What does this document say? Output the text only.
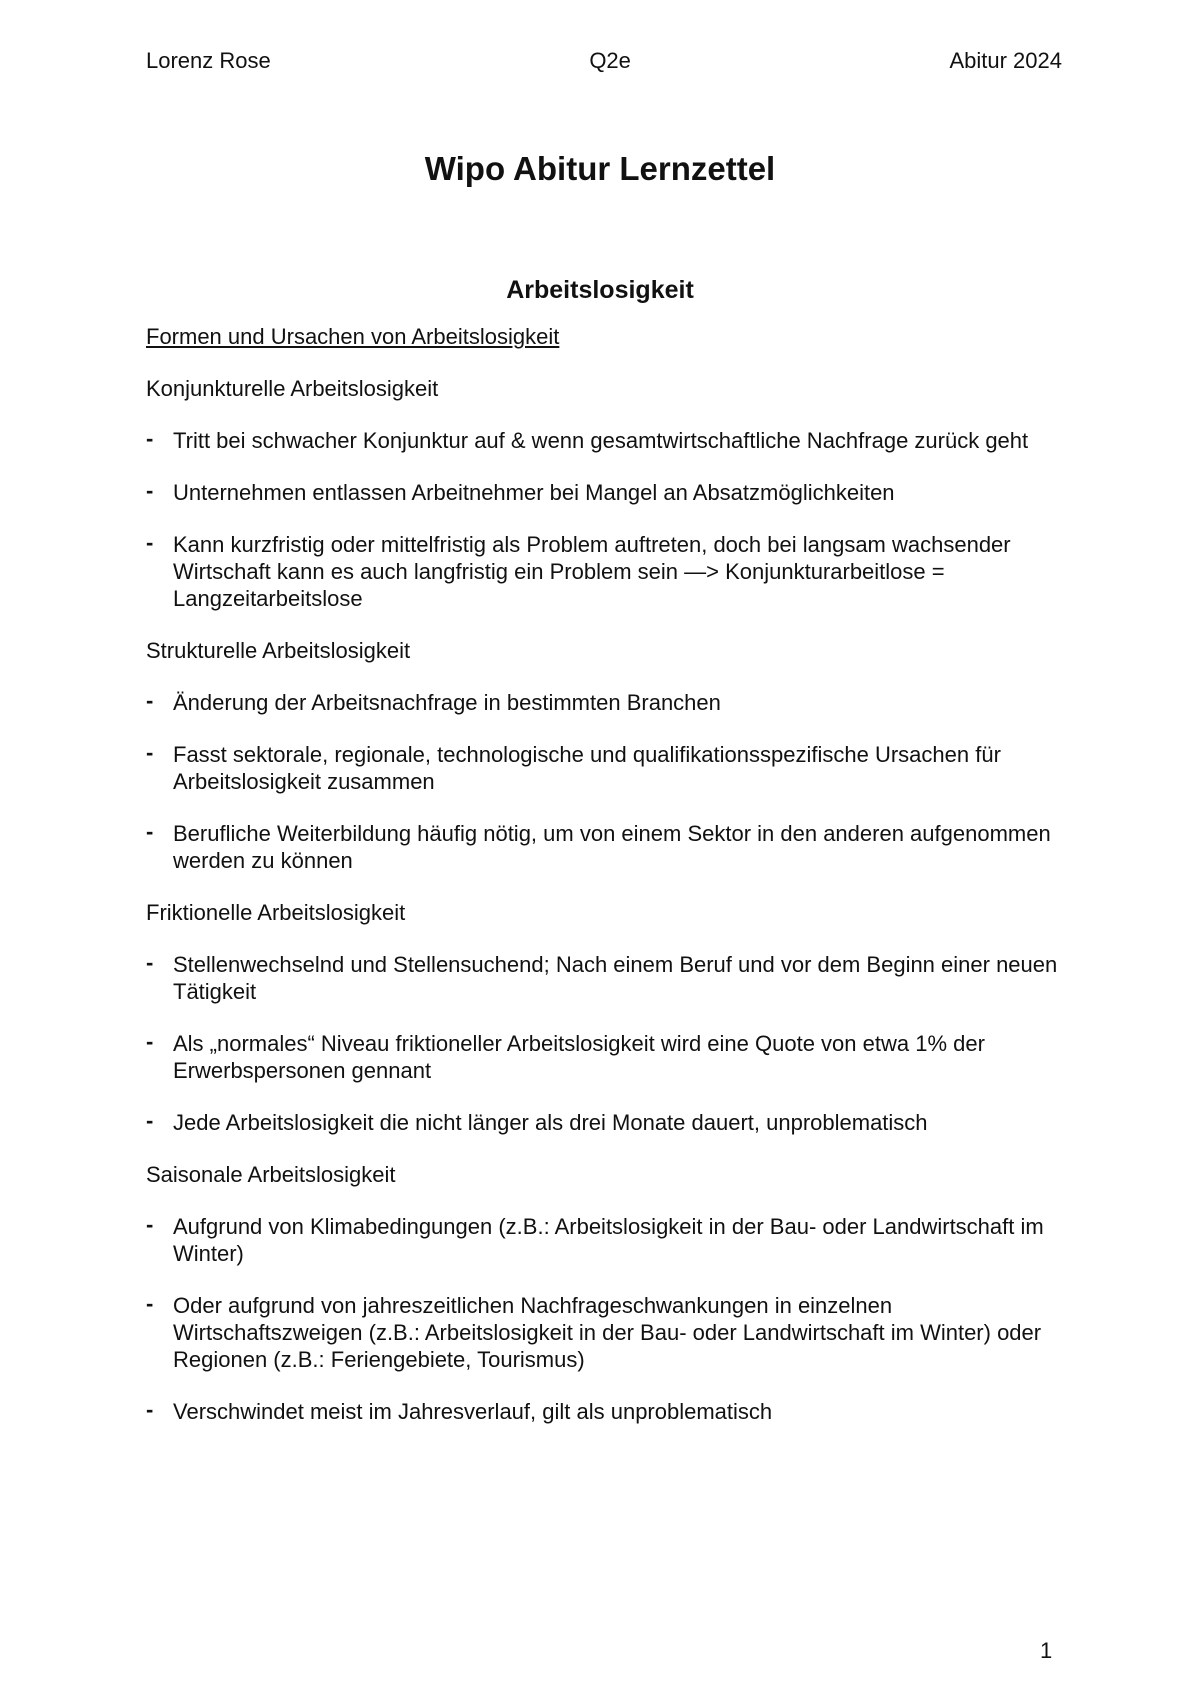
Lorenz Rose	Q2e	Abitur 2024
Wipo Abitur Lernzettel
Arbeitslosigkeit
Formen und Ursachen von Arbeitslosigkeit
Konjunkturelle Arbeitslosigkeit
- Tritt bei schwacher Konjunktur auf & wenn gesamtwirtschaftliche Nachfrage zurück geht
- Unternehmen entlassen Arbeitnehmer bei Mangel an Absatzmöglichkeiten
- Kann kurzfristig oder mittelfristig als Problem auftreten, doch bei langsam wachsender Wirtschaft kann es auch langfristig ein Problem sein —> Konjunkturarbeitlose = Langzeitarbeitslose
Strukturelle Arbeitslosigkeit
- Änderung der Arbeitsnachfrage in bestimmten Branchen
- Fasst sektorale, regionale, technologische und qualifikationsspezifische Ursachen für Arbeitslosigkeit zusammen
- Berufliche Weiterbildung häufig nötig, um von einem Sektor in den anderen aufgenommen werden zu können
Friktionelle Arbeitslosigkeit
- Stellenwechselnd und Stellensuchend; Nach einem Beruf und vor dem Beginn einer neuen Tätigkeit
- Als „normales“ Niveau friktioneller Arbeitslosigkeit wird eine Quote von etwa 1% der Erwerbspersonen gennant
- Jede Arbeitslosigkeit die nicht länger als drei Monate dauert, unproblematisch
Saisonale Arbeitslosigkeit
- Aufgrund von Klimabedingungen (z.B.: Arbeitslosigkeit in der Bau- oder Landwirtschaft im Winter)
- Oder aufgrund von jahreszeitlichen Nachfrageschwankungen in einzelnen Wirtschaftszweigen (z.B.: Arbeitslosigkeit in der Bau- oder Landwirtschaft im Winter) oder Regionen (z.B.: Feriengebiete, Tourismus)
- Verschwindet meist im Jahresverlauf, gilt als unproblematisch
1
